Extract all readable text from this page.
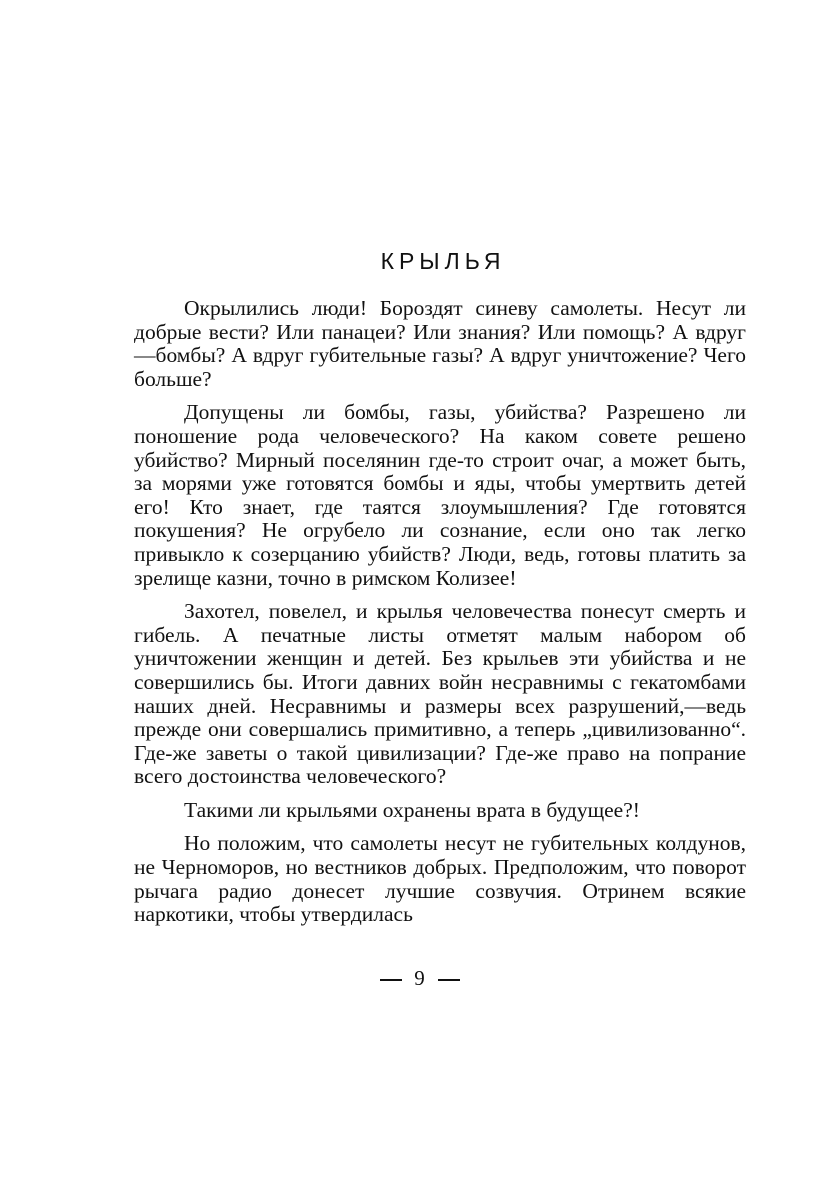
КРЫЛЬЯ

Окрылились люди! Бороздят синеву самолеты. Несут ли добрые вести? Или панацеи? Или знания? Или помощь? А вдруг—бомбы? А вдруг губительные газы? А вдруг уничтожение? Чего больше?

Допущены ли бомбы, газы, убийства? Разрешено ли поношение рода человеческого? На каком совете решено убийство? Мирный поселянин где-то строит очаг, а может быть, за морями уже готовятся бомбы и яды, чтобы умертвить детей его! Кто знает, где таятся злоумышления? Где готовятся покушения? Не огрубело ли сознание, если оно так легко привыкло к созерцанию убийств? Люди, ведь, готовы платить за зрелище казни, точно в римском Колизее!

Захотел, повелел, и крылья человечества понесут смерть и гибель. А печатные листы отметят малым набором об уничтожении женщин и детей. Без крыльев эти убийства и не совершились бы. Итоги давних войн несравнимы с гекатомбами наших дней. Несравнимы и размеры всех разрушений,—ведь прежде они совершались примитивно, а теперь „цивилизованно“. Где-же заветы о такой цивилизации? Где-же право на попрание всего достоинства человеческого?

Такими ли крыльями охранены врата в будущее?!

Но положим, что самолеты несут не губительных колдунов, не Черноморов, но вестников добрых. Предположим, что поворот рычага радио донесет лучшие созвучия. Отринем всякие наркотики, чтобы утвердилась

9
